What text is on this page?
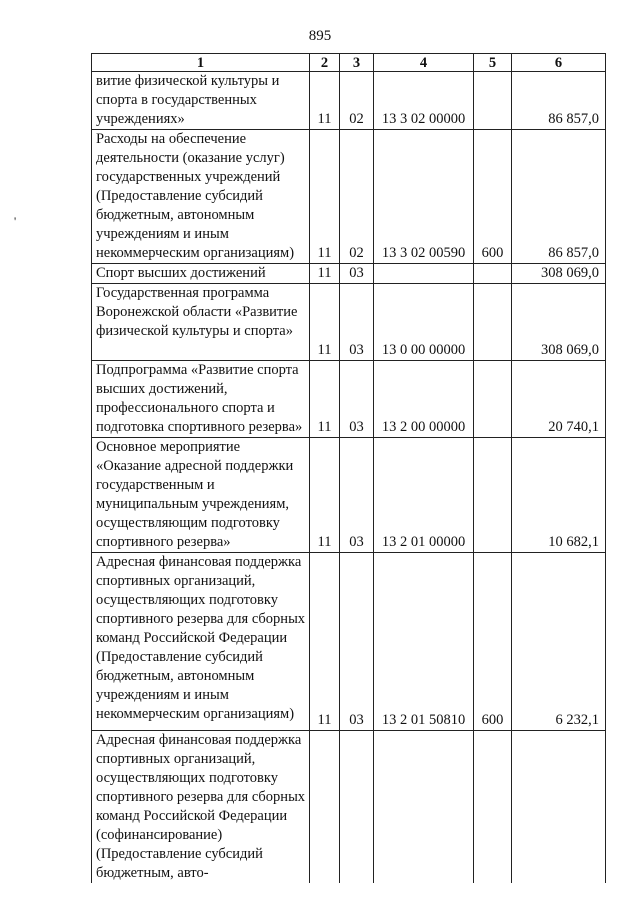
895
'
1	2	3	4	5	6
витие физической культуры и спорта в государственных учреждениях»	11	02	13 3 02 00000		86 857,0
Расходы на обеспечение деятельности (оказание услуг) государственных учреждений (Предоставление субсидий бюджетным, автономным учреждениям и иным некоммерческим организациям)	11	02	13 3 02 00590	600	86 857,0
Спорт высших достижений	11	03			308 069,0
Государственная программа Воронежской области «Развитие физической культуры и спорта»	11	03	13 0 00 00000		308 069,0
Подпрограмма «Развитие спорта высших достижений, профессионального спорта и подготовка спортивного резерва»	11	03	13 2 00 00000		20 740,1
Основное мероприятие «Оказание адресной поддержки государственным и муниципальным учреждениям, осуществляющим подготовку спортивного резерва»	11	03	13 2 01 00000		10 682,1
Адресная финансовая поддержка спортивных организаций, осуществляющих подготовку спортивного резерва для сборных команд Российской Федерации (Предоставление субсидий бюджетным, автономным учреждениям и иным некоммерческим организациям)	11	03	13 2 01 50810	600	6 232,1
Адресная финансовая поддержка спортивных организаций, осуществляющих подготовку спортивного резерва для сборных команд Российской Федерации (софинансирование) (Предоставление субсидий бюджетным, авто-					
